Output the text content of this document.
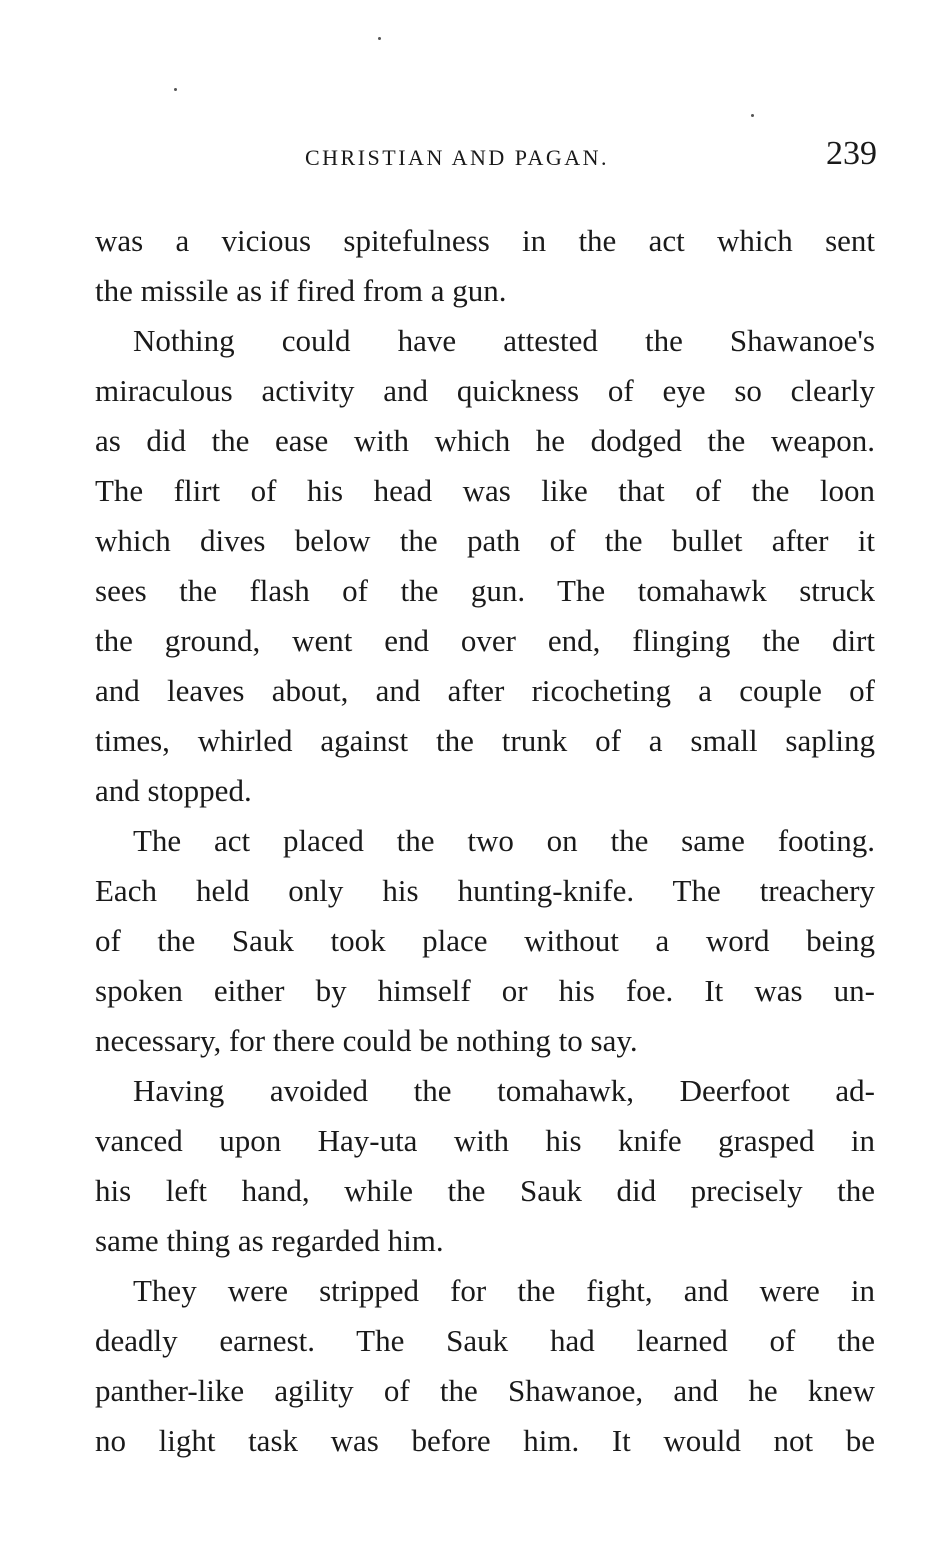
CHRISTIAN AND PAGAN.	239
was a vicious spitefulness in the act which sent
the missile as if fired from a gun.
Nothing could have attested the Shawanoe's
miraculous activity and quickness of eye so clearly
as did the ease with which he dodged the weapon.
The flirt of his head was like that of the loon
which dives below the path of the bullet after it
sees the flash of the gun. The tomahawk struck
the ground, went end over end, flinging the dirt
and leaves about, and after ricocheting a couple of
times, whirled against the trunk of a small sapling
and stopped.
The act placed the two on the same footing.
Each held only his hunting-knife. The treachery
of the Sauk took place without a word being
spoken either by himself or his foe. It was un-
necessary, for there could be nothing to say.
Having avoided the tomahawk, Deerfoot ad-
vanced upon Hay-uta with his knife grasped in
his left hand, while the Sauk did precisely the
same thing as regarded him.
They were stripped for the fight, and were in
deadly earnest. The Sauk had learned of the
panther-like agility of the Shawanoe, and he knew
no light task was before him. It would not be
